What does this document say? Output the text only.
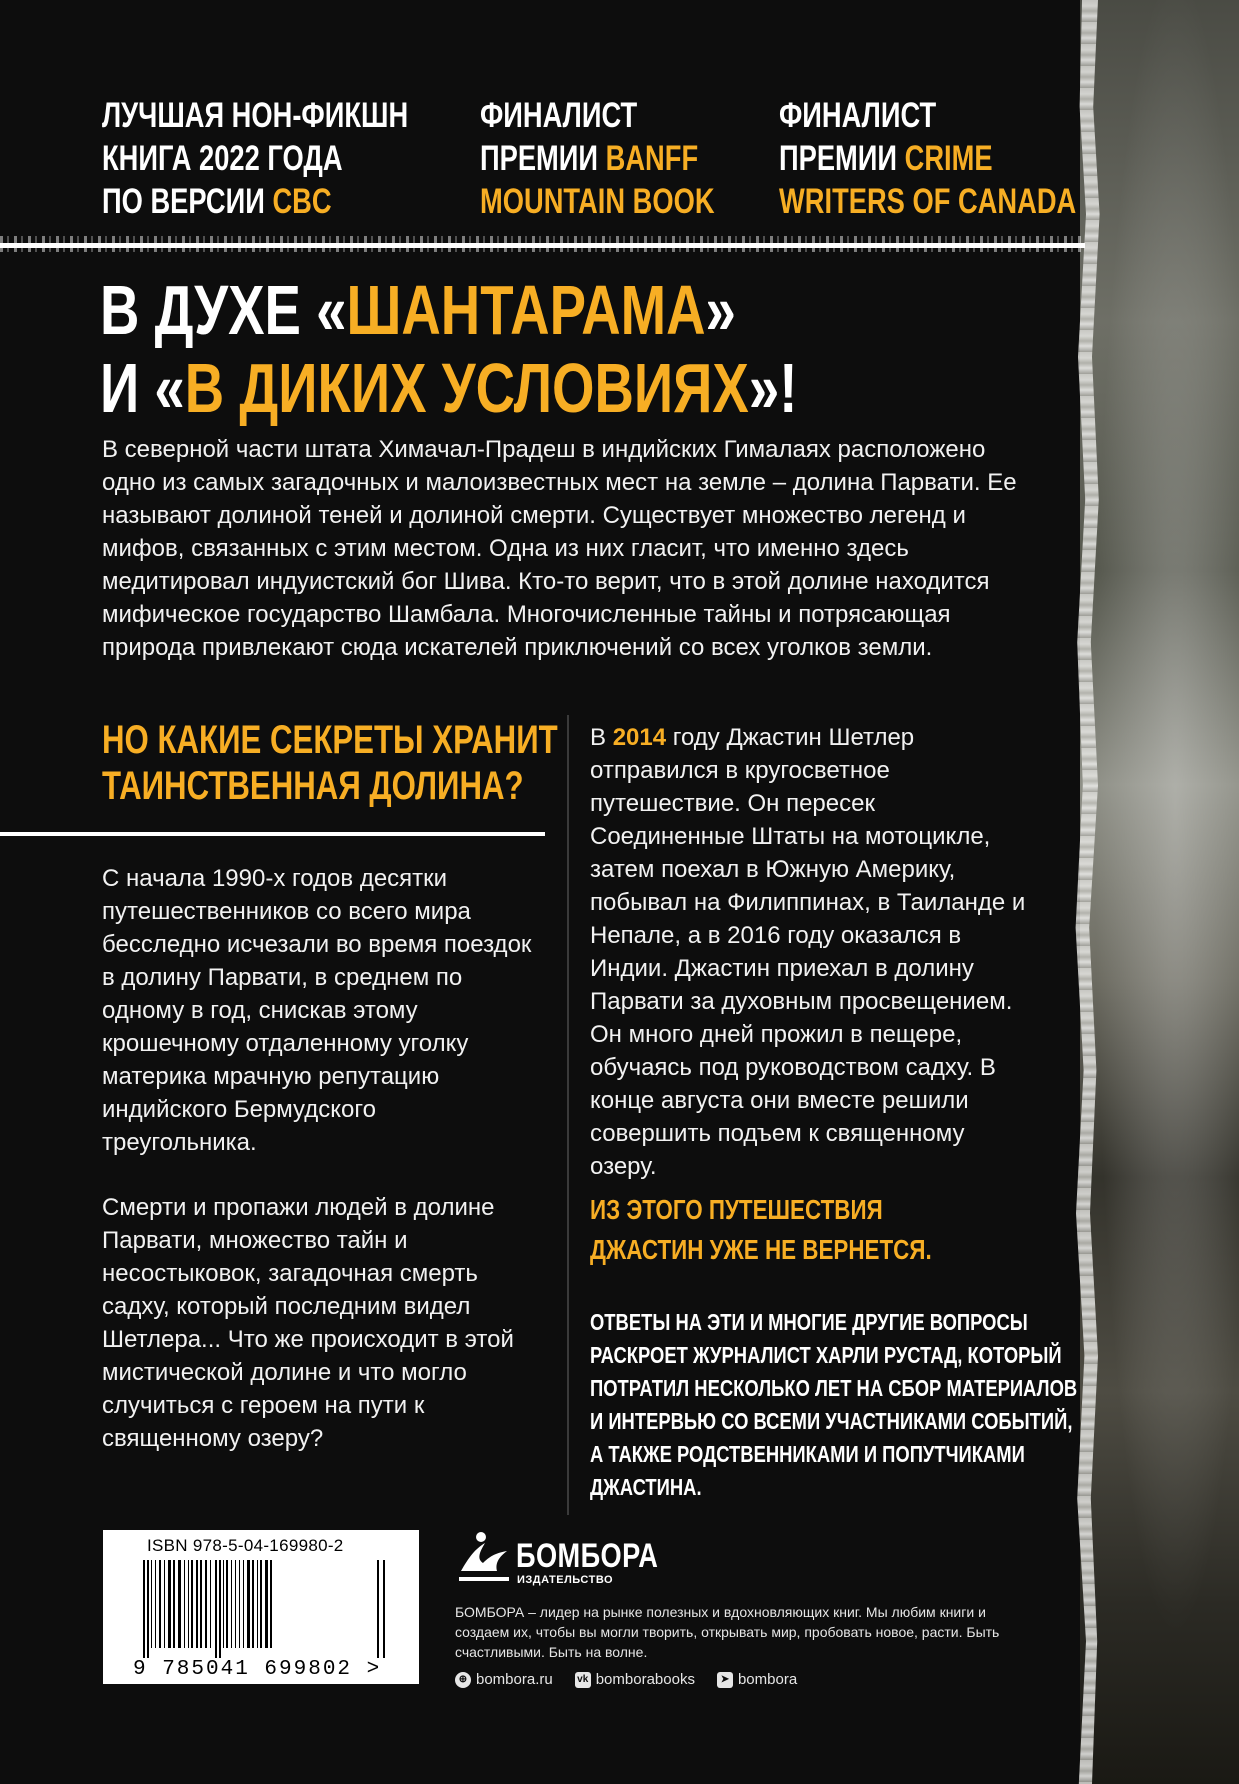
ЛУЧШАЯ НОН-ФИКШН
КНИГА 2022 ГОДА
ПО ВЕРСИИ CBC
ФИНАЛИСТ
ПРЕМИИ BANFF
MOUNTAIN BOOK
ФИНАЛИСТ
ПРЕМИИ CRIME
WRITERS OF CANADA
В ДУХЕ «ШАНТАРАМА»
И «В ДИКИХ УСЛОВИЯХ»!
В северной части штата Химачал-Прадеш в индийских Гималаях расположено одно из самых загадочных и малоизвестных мест на земле – долина Парвати. Ее называют долиной теней и долиной смерти. Существует множество легенд и мифов, связанных с этим местом. Одна из них гласит, что именно здесь медитировал индуистский бог Шива. Кто-то верит, что в этой долине находится мифическое государство Шамбала. Многочисленные тайны и потрясающая природа привлекают сюда искателей приключений со всех уголков земли.
НО КАКИЕ СЕКРЕТЫ ХРАНИТ
ТАИНСТВЕННАЯ ДОЛИНА?

С начала 1990-х годов десятки путешественников со всего мира бесследно исчезали во время поездок в долину Парвати, в среднем по одному в год, снискав этому крошечному отдаленному уголку материка мрачную репутацию индийского Бермудского треугольника.

Смерти и пропажи людей в долине Парвати, множество тайн и несостыковок, загадочная смерть садху, который последним видел Шетлера... Что же происходит в этой мистической долине и что могло случиться с героем на пути к священному озеру?

В 2014 году Джастин Шетлер отправился в кругосветное путешествие. Он пересек Соединенные Штаты на мотоцикле, затем поехал в Южную Америку, побывал на Филиппинах, в Таиланде и Непале, а в 2016 году оказался в Индии. Джастин приехал в долину Парвати за духовным просвещением. Он много дней прожил в пещере, обучаясь под руководством садху. В конце августа они вместе решили совершить подъем к священному озеру.

ИЗ ЭТОГО ПУТЕШЕСТВИЯ
ДЖАСТИН УЖЕ НЕ ВЕРНЕТСЯ.
ОТВЕТЫ НА ЭТИ И МНОГИЕ ДРУГИЕ ВОПРОСЫ
РАСКРОЕТ ЖУРНАЛИСТ ХАРЛИ РУСТАД, КОТОРЫЙ
ПОТРАТИЛ НЕСКОЛЬКО ЛЕТ НА СБОР МАТЕРИАЛОВ
И ИНТЕРВЬЮ СО ВСЕМИ УЧАСТНИКАМИ СОБЫТИЙ,
А ТАКЖЕ РОДСТВЕННИКАМИ И ПОПУТЧИКАМИ
ДЖАСТИНА.
ISBN 978-5-04-169980-2
9 785041 699802 >
БОМБОРА
ИЗДАТЕЛЬСТВО
БОМБОРА – лидер на рынке полезных и вдохновляющих книг. Мы любим книги и создаем их, чтобы вы могли творить, открывать мир, пробовать новое, расти. Быть счастливыми. Быть на волне.
⊕ bombora.ru vk bomborabooks	➤ bombora
